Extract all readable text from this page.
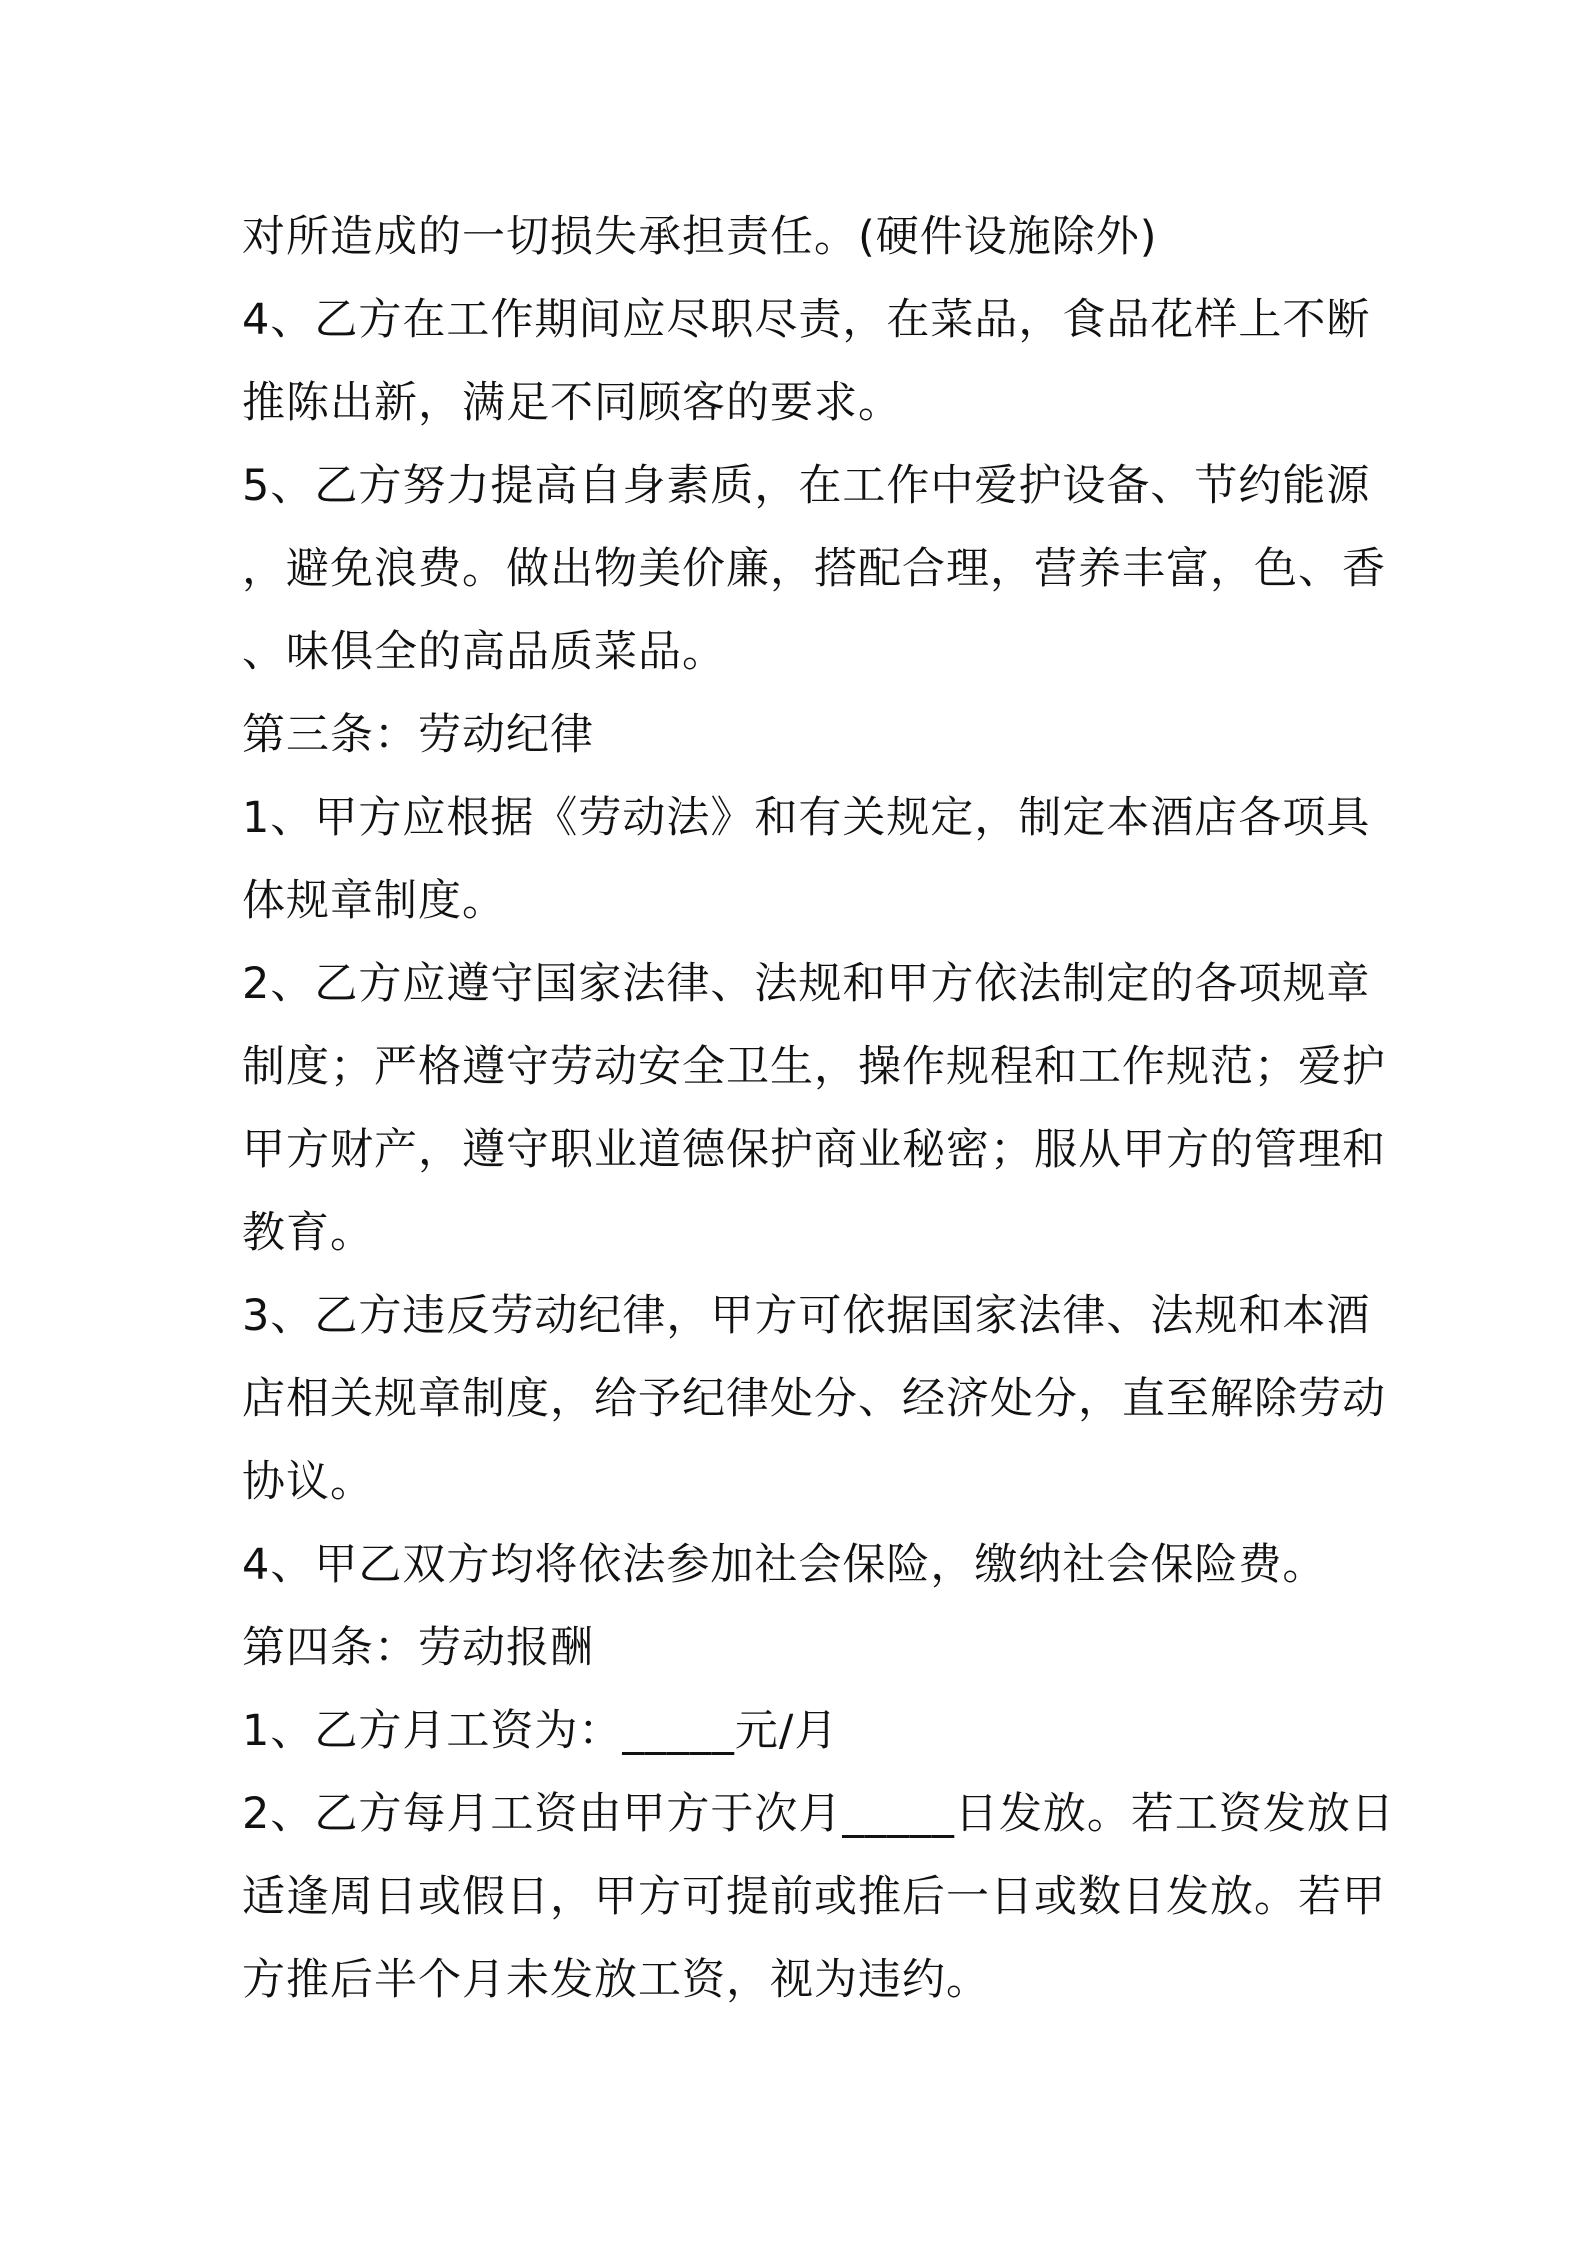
对所造成的一切损失承担责任。(硬件设施除外)
4、乙方在工作期间应尽职尽责，在菜品，食品花样上不断
推陈出新，满足不同顾客的要求。
5、乙方努力提高自身素质，在工作中爱护设备、节约能源
，避免浪费。做出物美价廉，搭配合理，营养丰富，色、香
、味俱全的高品质菜品。
第三条：劳动纪律
1、甲方应根据《劳动法》和有关规定，制定本酒店各项具
体规章制度。
2、乙方应遵守国家法律、法规和甲方依法制定的各项规章
制度；严格遵守劳动安全卫生，操作规程和工作规范；爱护
甲方财产，遵守职业道德保护商业秘密；服从甲方的管理和
教育。
3、乙方违反劳动纪律，甲方可依据国家法律、法规和本酒
店相关规章制度，给予纪律处分、经济处分，直至解除劳动
协议。
4、甲乙双方均将依法参加社会保险，缴纳社会保险费。
第四条：劳动报酬
1、乙方月工资为：_____元/月
2、乙方每月工资由甲方于次月_____日发放。若工资发放日
适逢周日或假日，甲方可提前或推后一日或数日发放。若甲
方推后半个月未发放工资，视为违约。
